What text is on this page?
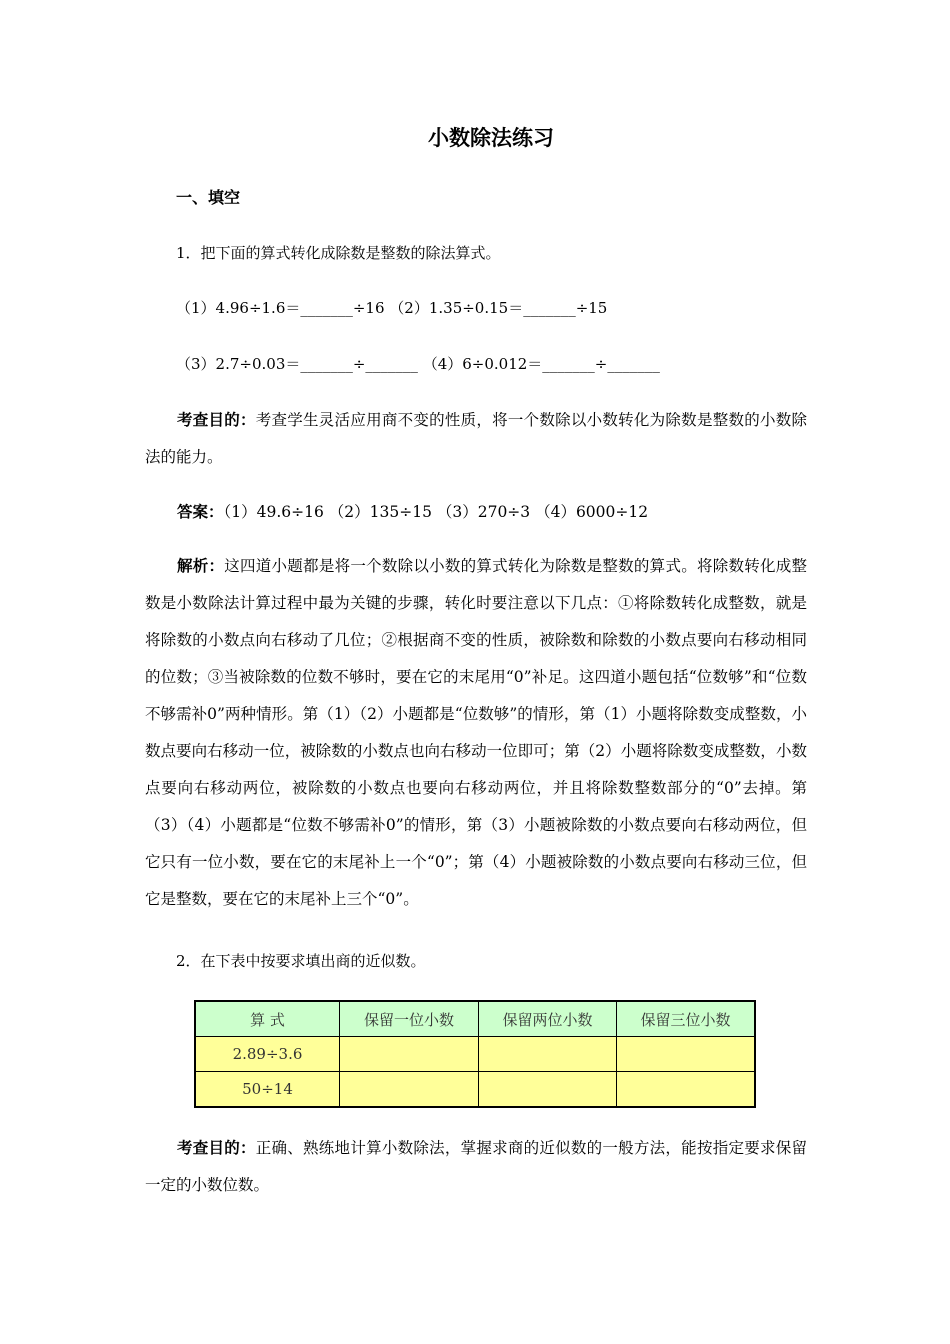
小数除法练习
一、填空
1．把下面的算式转化成除数是整数的除法算式。
（1）4.96÷1.6＝_______÷16 （2）1.35÷0.15＝_______÷15
（3）2.7÷0.03＝_______÷_______ （4）6÷0.012＝_______÷_______
考查目的：考查学生灵活应用商不变的性质，将一个数除以小数转化为除数是整数的小数除法的能力。
答案：（1）49.6÷16 （2）135÷15 （3）270÷3 （4）6000÷12
解析：这四道小题都是将一个数除以小数的算式转化为除数是整数的算式。将除数转化成整数是小数除法计算过程中最为关键的步骤，转化时要注意以下几点：①将除数转化成整数，就是将除数的小数点向右移动了几位；②根据商不变的性质，被除数和除数的小数点要向右移动相同的位数；③当被除数的位数不够时，要在它的末尾用“0”补足。这四道小题包括“位数够”和“位数不够需补0”两种情形。第（1）（2）小题都是“位数够”的情形，第（1）小题将除数变成整数，小数点要向右移动一位，被除数的小数点也向右移动一位即可；第（2）小题将除数变成整数，小数点要向右移动两位，被除数的小数点也要向右移动两位，并且将除数整数部分的“0”去掉。第（3）（4）小题都是“位数不够需补0”的情形，第（3）小题被除数的小数点要向右移动两位，但它只有一位小数，要在它的末尾补上一个“0”；第（4）小题被除数的小数点要向右移动三位，但它是整数，要在它的末尾补上三个“0”。
2．在下表中按要求填出商的近似数。
算 式	保留一位小数	保留两位小数	保留三位小数
2.89÷3.6			
50÷14			
考查目的：正确、熟练地计算小数除法，掌握求商的近似数的一般方法，能按指定要求保留一定的小数位数。
